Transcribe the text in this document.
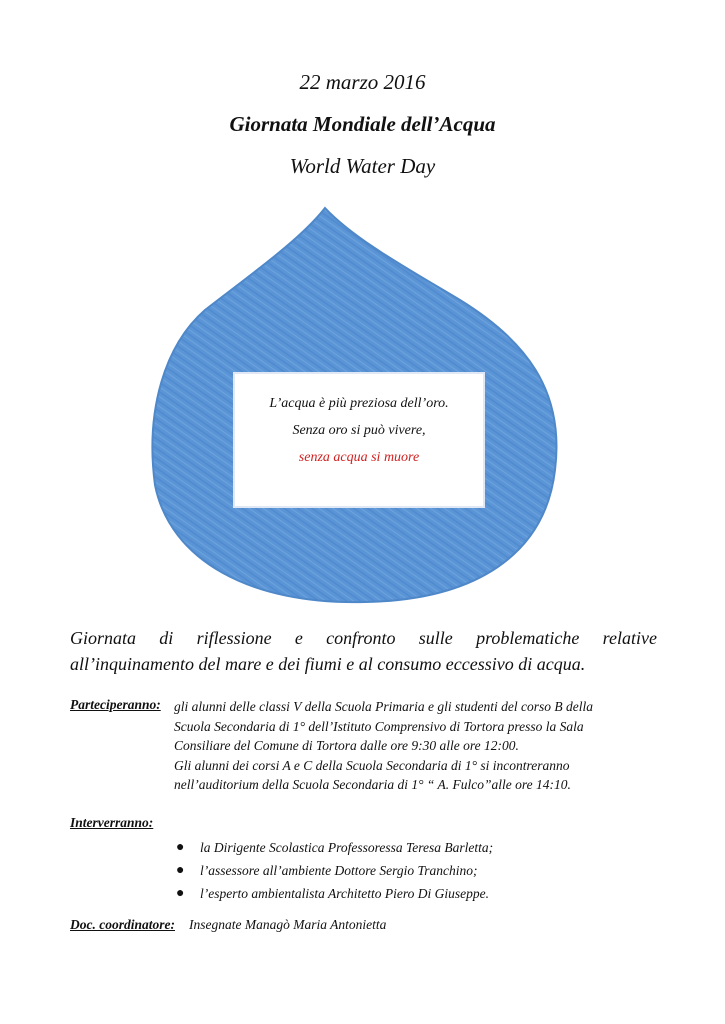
22 marzo 2016
Giornata Mondiale dell’Acqua
World Water Day
L’acqua è più preziosa dell’oro.
Senza oro si può vivere,
senza acqua si muore
Giornata di riflessione e confronto sulle problematiche relative
all’inquinamento del mare e dei fiumi e al consumo eccessivo di acqua.
Parteciperanno: gli alunni delle classi V della Scuola Primaria e gli studenti del corso B della
Scuola Secondaria di 1° dell’Istituto Comprensivo di Tortora presso la Sala
Consiliare del Comune di Tortora dalle ore 9:30 alle ore 12:00.
Gli alunni dei corsi A e C della Scuola Secondaria di 1° si incontreranno
nell’auditorium della Scuola Secondaria di 1° “ A. Fulco”alle ore 14:10.
Interverranno:
● la Dirigente Scolastica Professoressa Teresa Barletta;
● l’assessore all’ambiente Dottore Sergio Tranchino;
● l’esperto ambientalista Architetto Piero Di Giuseppe.
Doc. coordinatore: Insegnate Managò Maria Antonietta
